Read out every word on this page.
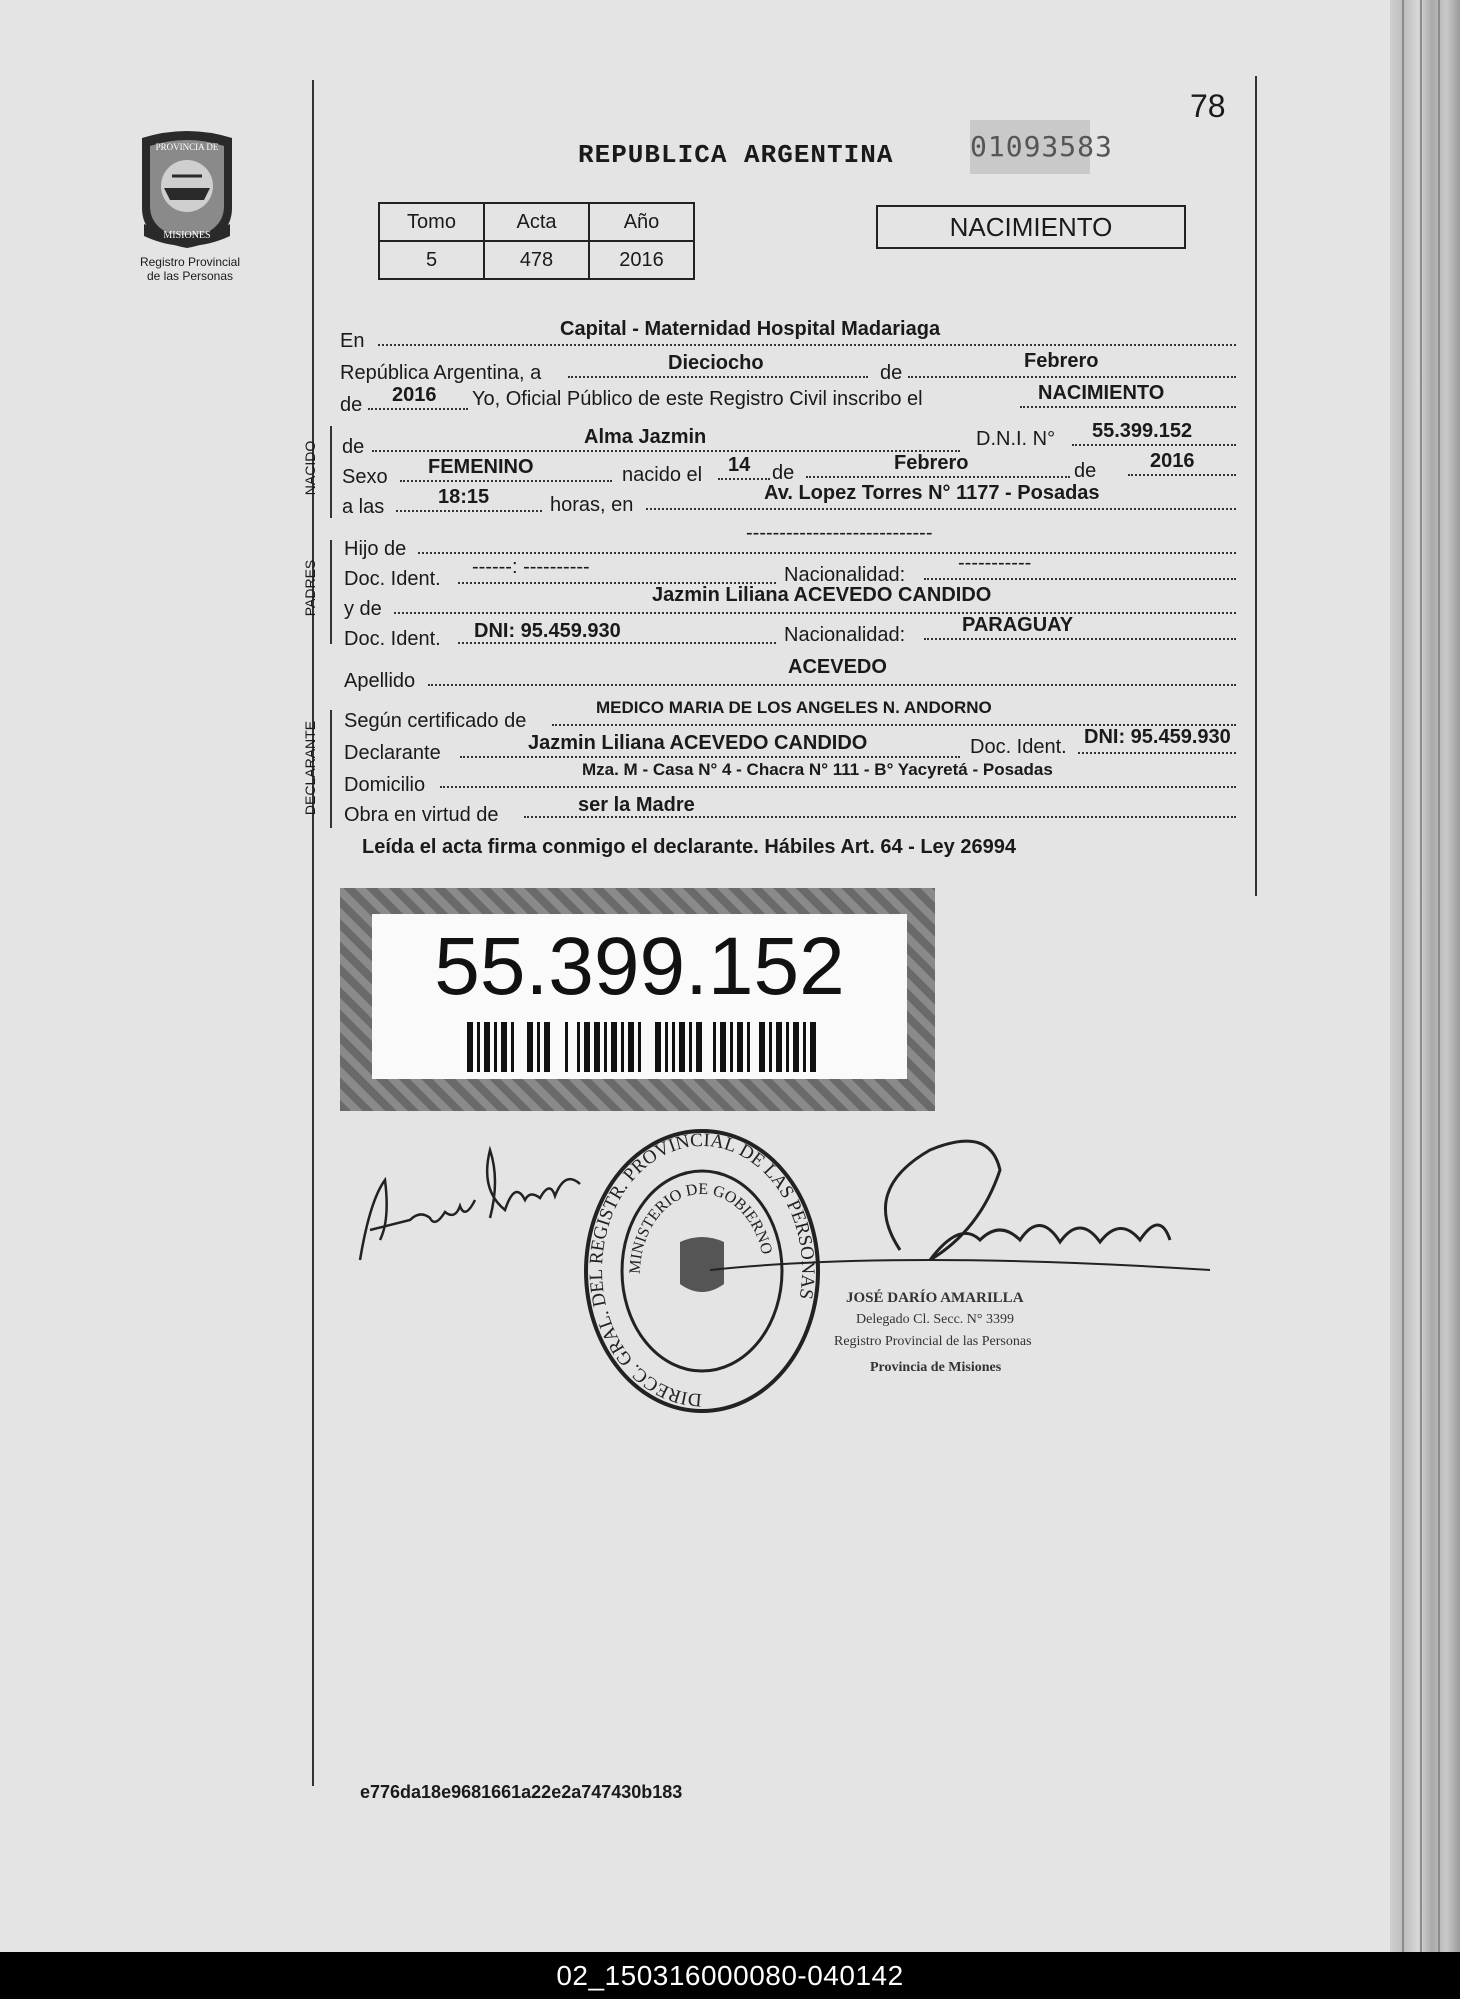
PROVINCIA DE
MISIONES
Registro Provincial
de las Personas
78
REPUBLICA ARGENTINA	01093583
Tomo	Acta	Año
5	478	2016
NACIMIENTO
En
Capital - Maternidad Hospital Madariaga
República Argentina, a	Dieciocho	de
Febrero
de 2016 Yo, Oficial Público de este Registro Civil inscribo el	NACIMIENTO
NACIDO de	Alma Jazmin	D.N.I. N° 55.399.152
Sexo FEMENINO	nacido el 14 de	Febrero	de	2016
a las	18:15	horas, en
Av. Lopez Torres N° 1177 - Posadas
PADRES
Hijo de
----------------------------
Doc. Ident.
------: ----------	Nacionalidad:
-----------
y de
Jazmin Liliana ACEVEDO CANDIDO
Doc. Ident. DNI: 95.459.930	Nacionalidad:	PARAGUAY
Apellido
ACEVEDO
DECLARANTE Según certificado de
MEDICO MARIA DE LOS ANGELES N. ANDORNO
Declarante	Jazmin Liliana ACEVEDO CANDIDO	Doc. Ident. DNI: 95.459.930
Domicilio
Mza. M - Casa N° 4 - Chacra N° 111 - B° Yacyretá - Posadas
Obra en virtud de	ser la Madre
Leída el acta firma conmigo el declarante. Hábiles Art. 64 - Ley 26994
55.399.152
DIRECC. GRAL. DEL REGISTR. PROVINCIAL DE LAS PERSONAS
MINISTERIO DE GOBIERNO
JOSÉ DARÍO AMARILLA
Delegado Cl. Secc. N° 3399
Registro Provincial de las Personas
Provincia de Misiones
e776da18e9681661a22e2a747430b183
02_150316000080-040142
